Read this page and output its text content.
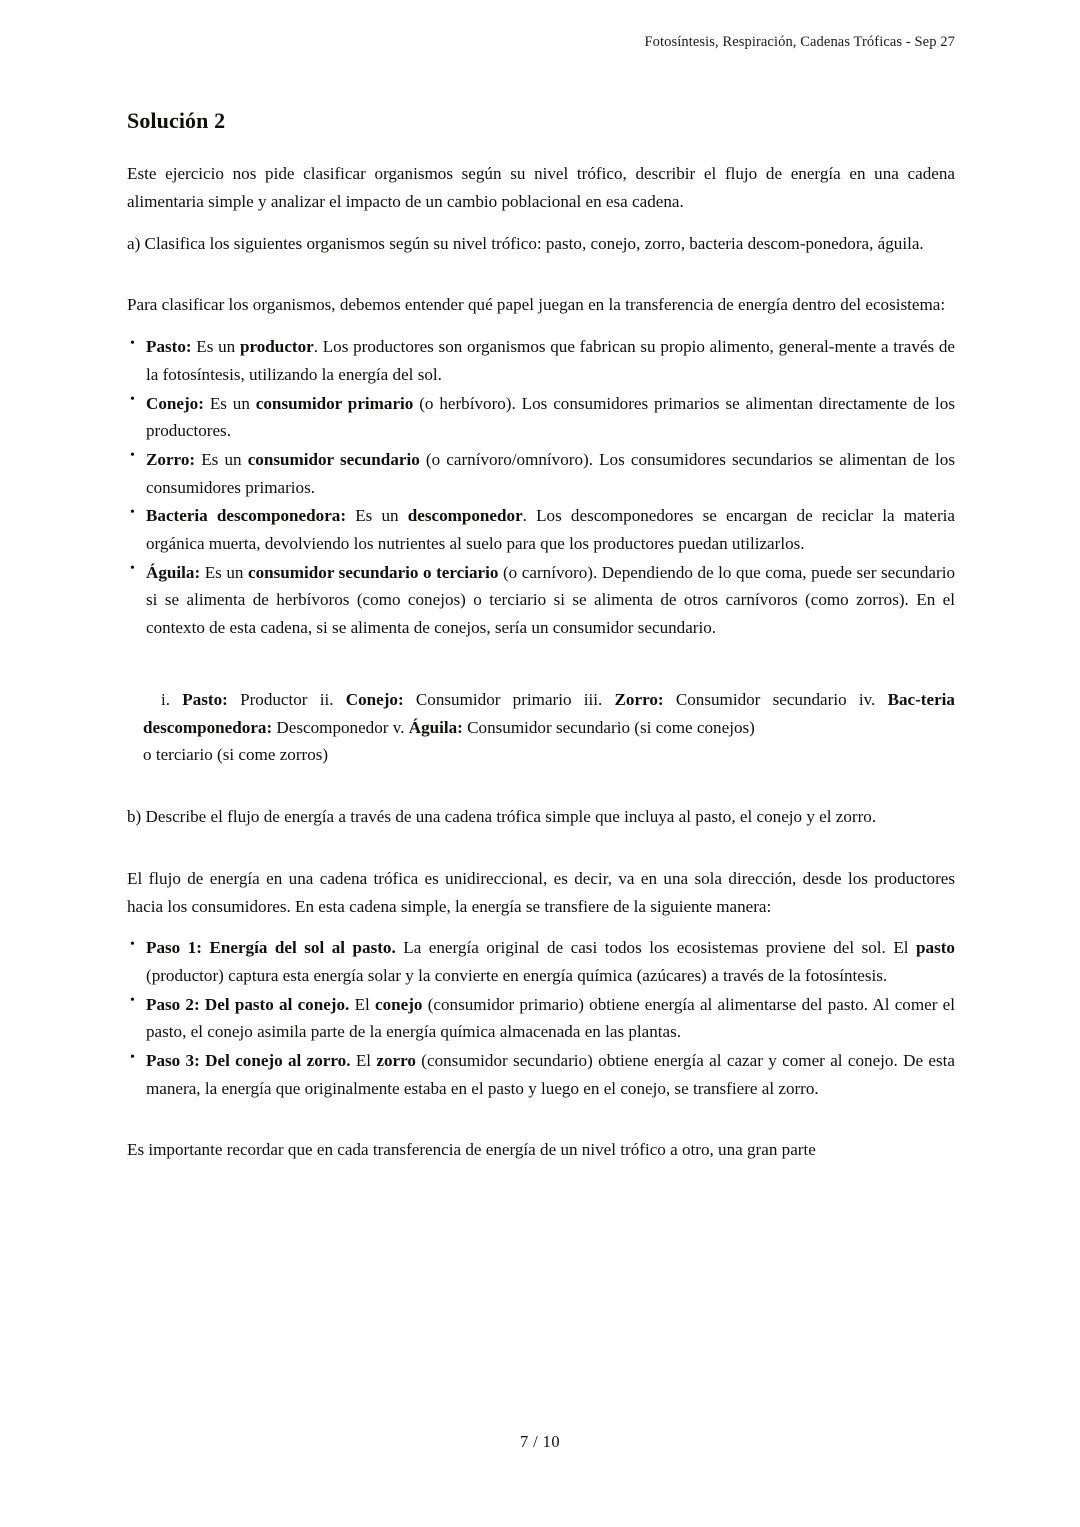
Fotosíntesis, Respiración, Cadenas Tróficas - Sep 27
Solución 2

Este ejercicio nos pide clasificar organismos según su nivel trófico, describir el flujo de energía en una cadena alimentaria simple y analizar el impacto de un cambio poblacional en esa cadena.

a) Clasifica los siguientes organismos según su nivel trófico: pasto, conejo, zorro, bacteria descom-ponedora, águila.

Para clasificar los organismos, debemos entender qué papel juegan en la transferencia de energía dentro del ecosistema:

• Pasto: Es un productor. Los productores son organismos que fabrican su propio alimento, general-mente a través de la fotosíntesis, utilizando la energía del sol.
• Conejo: Es un consumidor primario (o herbívoro). Los consumidores primarios se alimentan directamente de los productores.
• Zorro: Es un consumidor secundario (o carnívoro/omnívoro). Los consumidores secundarios se alimentan de los consumidores primarios.
• Bacteria descomponedora: Es un descomponedor. Los descomponedores se encargan de reciclar la materia orgánica muerta, devolviendo los nutrientes al suelo para que los productores puedan utilizarlos.
• Águila: Es un consumidor secundario o terciario (o carnívoro). Dependiendo de lo que coma, puede ser secundario si se alimenta de herbívoros (como conejos) o terciario si se alimenta de otros carnívoros (como zorros). En el contexto de esta cadena, si se alimenta de conejos, sería un consumidor secundario.

i. Pasto: Productor ii. Conejo: Consumidor primario iii. Zorro: Consumidor secundario iv. Bac-teria descomponedora: Descomponedor v. Águila: Consumidor secundario (si come conejos)

o terciario (si come zorros)

b) Describe el flujo de energía a través de una cadena trófica simple que incluya al pasto, el conejo y el zorro.

El flujo de energía en una cadena trófica es unidireccional, es decir, va en una sola dirección, desde los productores hacia los consumidores. En esta cadena simple, la energía se transfiere de la siguiente manera:

• Paso 1: Energía del sol al pasto. La energía original de casi todos los ecosistemas proviene del sol. El pasto (productor) captura esta energía solar y la convierte en energía química (azúcares) a través de la fotosíntesis.
• Paso 2: Del pasto al conejo. El conejo (consumidor primario) obtiene energía al alimentarse del pasto. Al comer el pasto, el conejo asimila parte de la energía química almacenada en las plantas.
• Paso 3: Del conejo al zorro. El zorro (consumidor secundario) obtiene energía al cazar y comer al conejo. De esta manera, la energía que originalmente estaba en el pasto y luego en el conejo, se transfiere al zorro.

Es importante recordar que en cada transferencia de energía de un nivel trófico a otro, una gran parte

7 / 10
